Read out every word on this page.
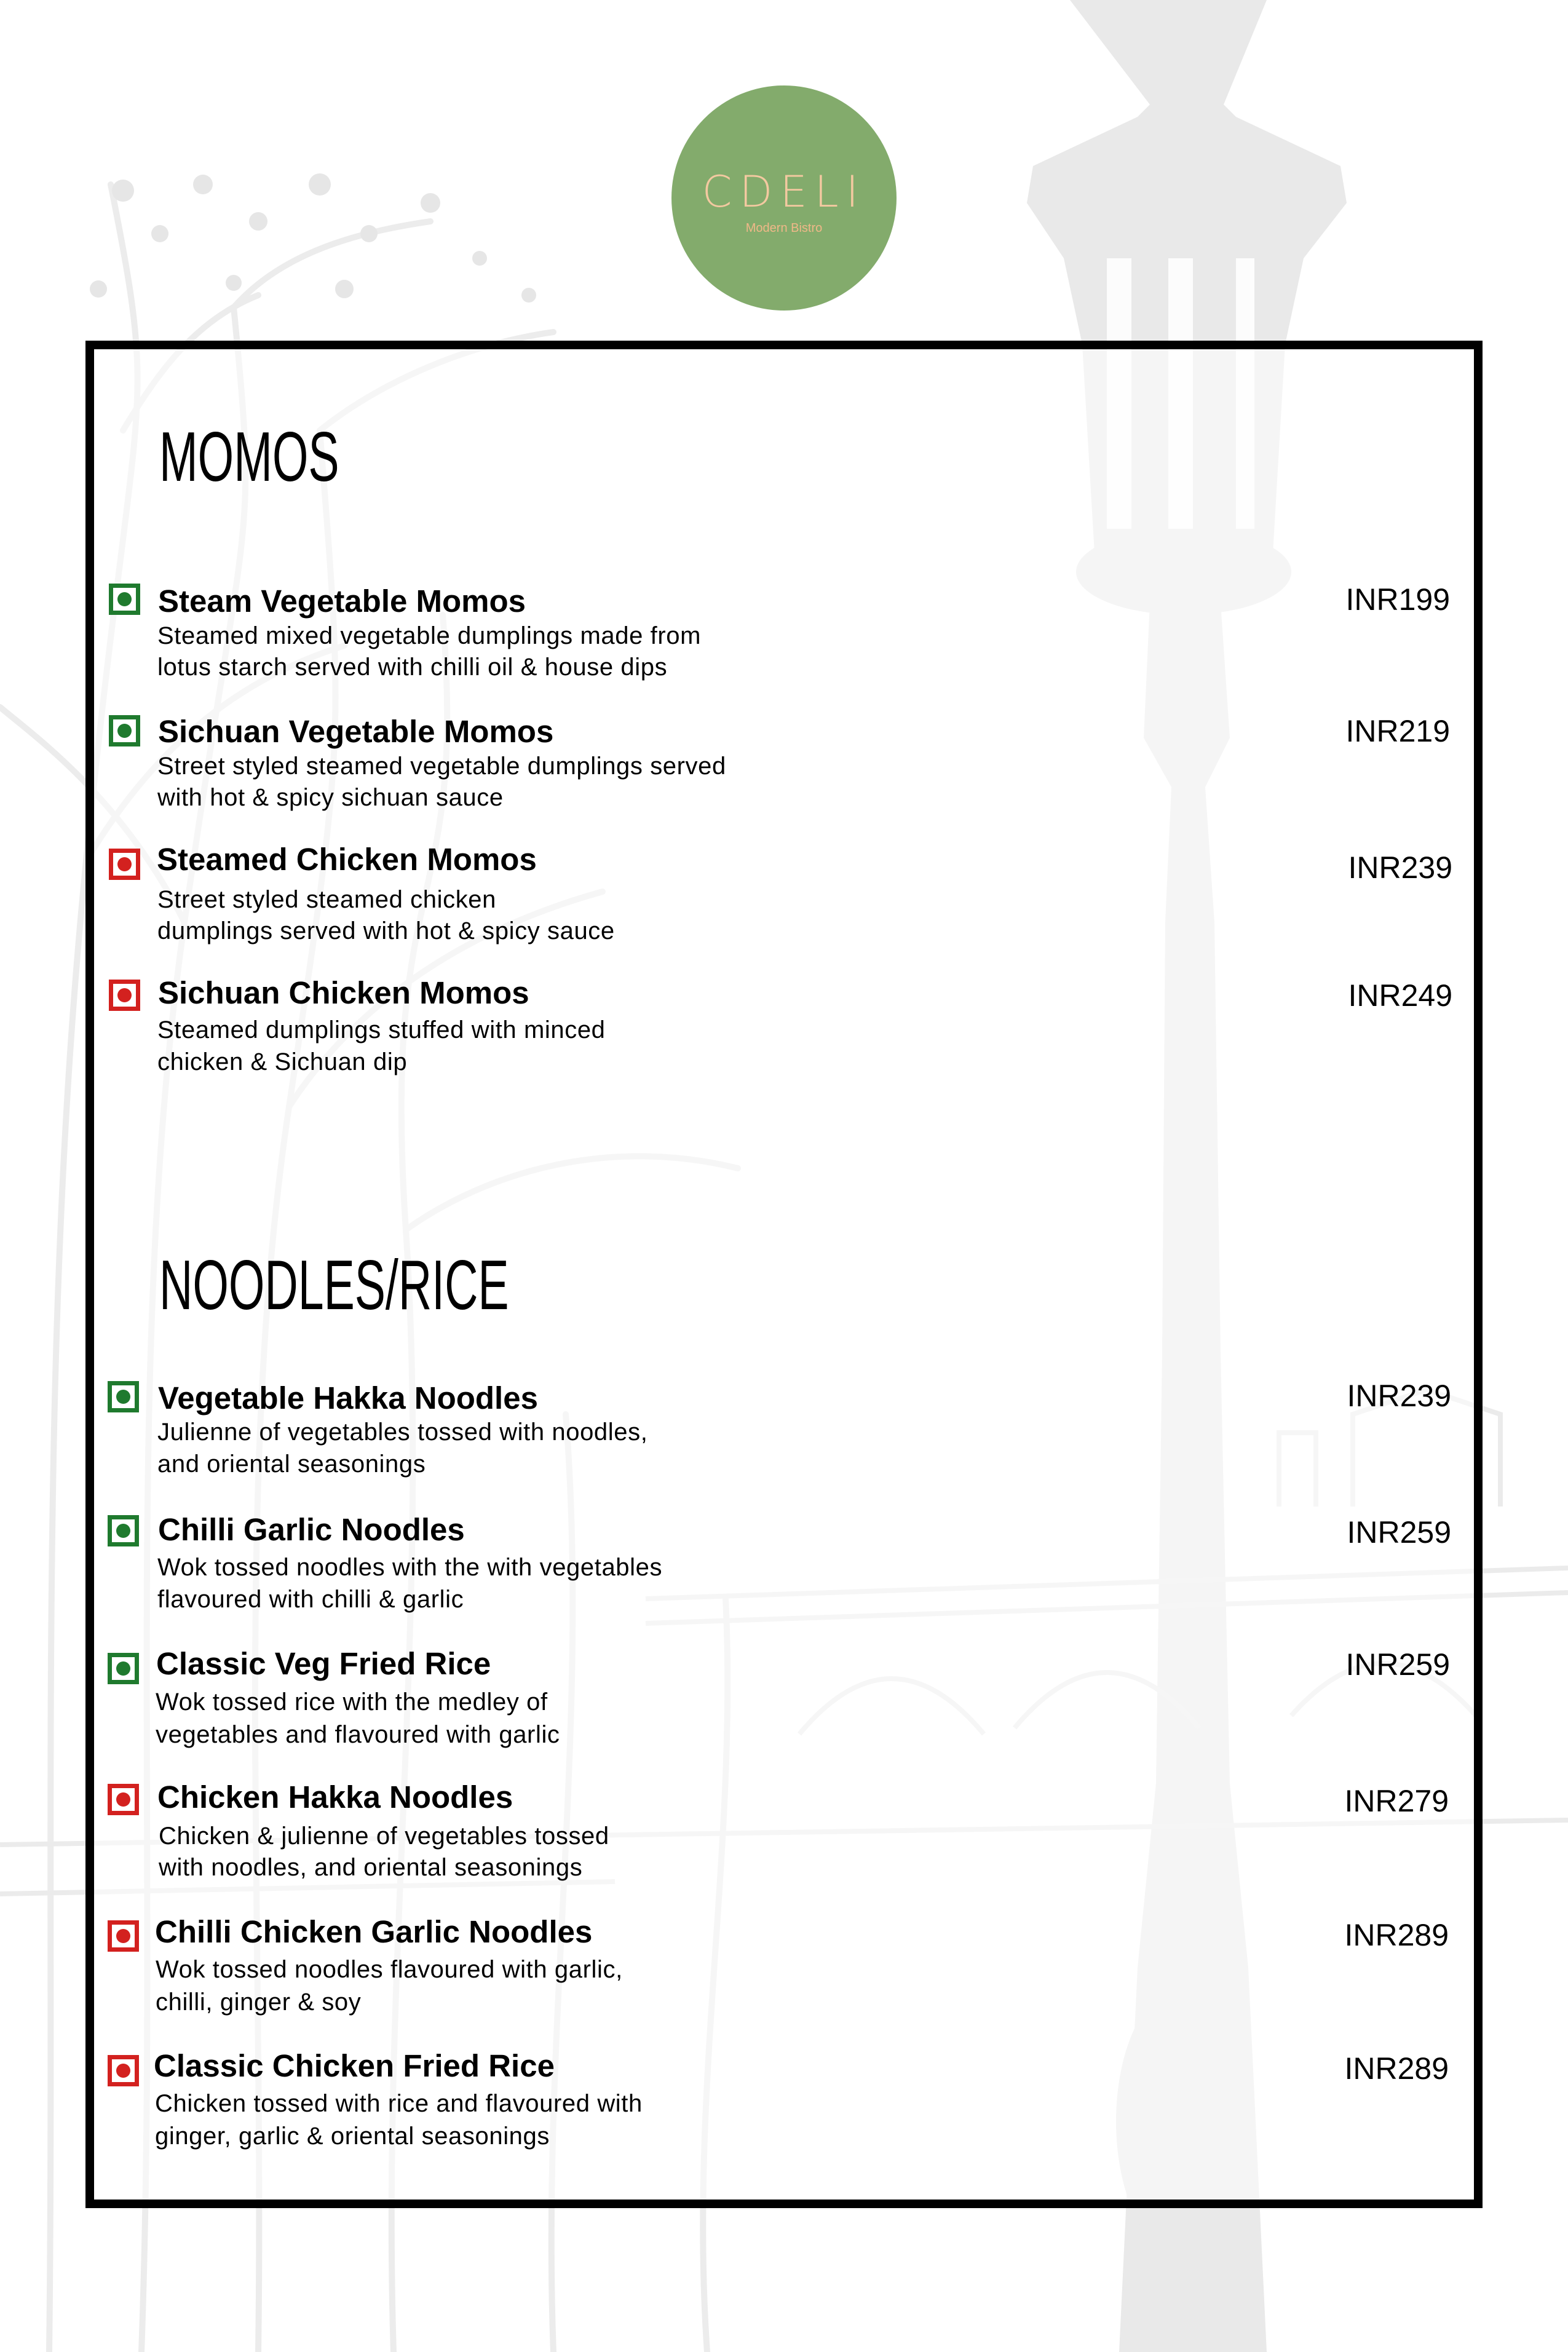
CDELI
Modern Bistro
MOMOS
Steam Vegetable Momos
Steamed mixed vegetable dumplings made from
lotus starch served with chilli oil & house dips
INR199
Sichuan Vegetable Momos
Street styled steamed vegetable dumplings served
with hot & spicy sichuan sauce
INR219
Steamed Chicken Momos
Street styled steamed chicken
dumplings served with hot & spicy sauce
INR239
Sichuan Chicken Momos
Steamed dumplings stuffed with minced
chicken & Sichuan dip
INR249
NOODLES/RICE
Vegetable Hakka Noodles
Julienne of vegetables tossed with noodles,
and oriental seasonings
INR239
Chilli Garlic Noodles
Wok tossed noodles with the with vegetables
flavoured with chilli & garlic
INR259
Classic Veg Fried Rice
Wok tossed rice with the medley of
vegetables and flavoured with garlic
INR259
Chicken Hakka Noodles
Chicken & julienne of vegetables tossed
with noodles, and oriental seasonings
INR279
Chilli Chicken Garlic Noodles
Wok tossed noodles flavoured with garlic,
chilli, ginger & soy
INR289
Classic Chicken Fried Rice
Chicken tossed with rice and flavoured with
ginger, garlic & oriental seasonings
INR289
